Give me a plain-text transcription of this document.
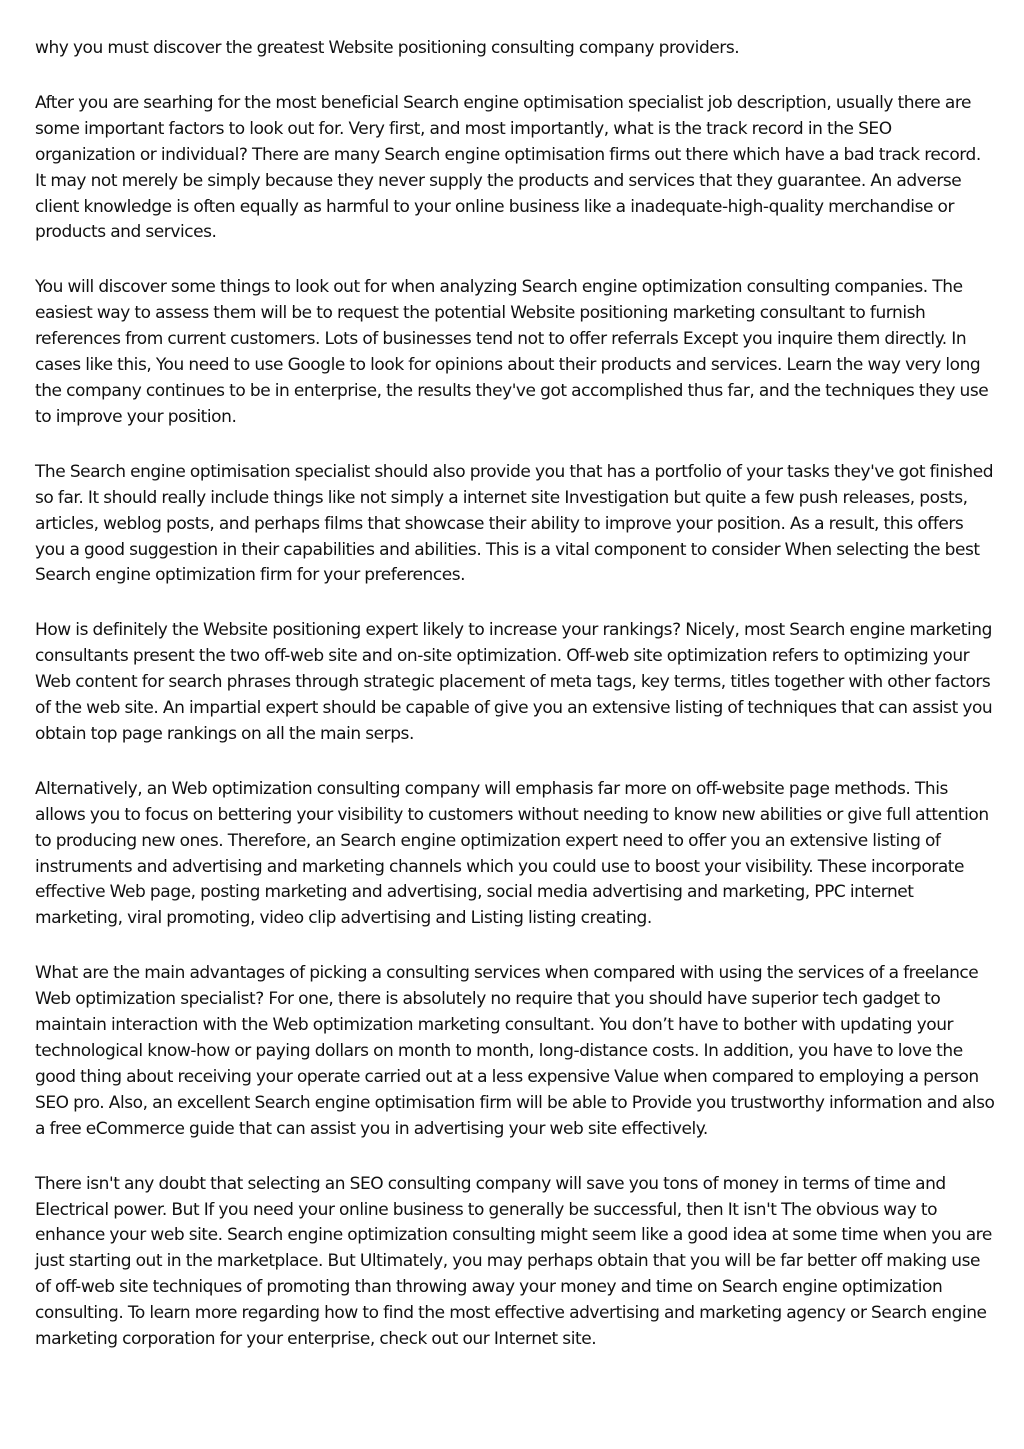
why you must discover the greatest Website positioning consulting company providers.

After you are searhing for the most beneficial Search engine optimisation specialist job description, usually there are some important factors to look out for. Very first, and most importantly, what is the track record in the SEO organization or individual? There are many Search engine optimisation firms out there which have a bad track record. It may not merely be simply because they never supply the products and services that they guarantee. An adverse client knowledge is often equally as harmful to your online business like a inadequate-high-quality merchandise or products and services.

You will discover some things to look out for when analyzing Search engine optimization consulting companies. The easiest way to assess them will be to request the potential Website positioning marketing consultant to furnish references from current customers. Lots of businesses tend not to offer referrals Except you inquire them directly. In cases like this, You need to use Google to look for opinions about their products and services. Learn the way very long the company continues to be in enterprise, the results they've got accomplished thus far, and the techniques they use to improve your position.

The Search engine optimisation specialist should also provide you that has a portfolio of your tasks they've got finished so far. It should really include things like not simply a internet site Investigation but quite a few push releases, posts, articles, weblog posts, and perhaps films that showcase their ability to improve your position. As a result, this offers you a good suggestion in their capabilities and abilities. This is a vital component to consider When selecting the best Search engine optimization firm for your preferences.

How is definitely the Website positioning expert likely to increase your rankings? Nicely, most Search engine marketing consultants present the two off-web site and on-site optimization. Off-web site optimization refers to optimizing your Web content for search phrases through strategic placement of meta tags, key terms, titles together with other factors of the web site. An impartial expert should be capable of give you an extensive listing of techniques that can assist you obtain top page rankings on all the main serps.

Alternatively, an Web optimization consulting company will emphasis far more on off-website page methods. This allows you to focus on bettering your visibility to customers without needing to know new abilities or give full attention to producing new ones. Therefore, an Search engine optimization expert need to offer you an extensive listing of instruments and advertising and marketing channels which you could use to boost your visibility. These incorporate effective Web page, posting marketing and advertising, social media advertising and marketing, PPC internet marketing, viral promoting, video clip advertising and Listing listing creating.

What are the main advantages of picking a consulting services when compared with using the services of a freelance Web optimization specialist? For one, there is absolutely no require that you should have superior tech gadget to maintain interaction with the Web optimization marketing consultant. You don’t have to bother with updating your technological know-how or paying dollars on month to month, long-distance costs. In addition, you have to love the good thing about receiving your operate carried out at a less expensive Value when compared to employing a person SEO pro. Also, an excellent Search engine optimisation firm will be able to Provide you trustworthy information and also a free eCommerce guide that can assist you in advertising your web site effectively.

There isn't any doubt that selecting an SEO consulting company will save you tons of money in terms of time and Electrical power. But If you need your online business to generally be successful, then It isn't The obvious way to enhance your web site. Search engine optimization consulting might seem like a good idea at some time when you are just starting out in the marketplace. But Ultimately, you may perhaps obtain that you will be far better off making use of off-web site techniques of promoting than throwing away your money and time on Search engine optimization consulting. To learn more regarding how to find the most effective advertising and marketing agency or Search engine marketing corporation for your enterprise, check out our Internet site.
